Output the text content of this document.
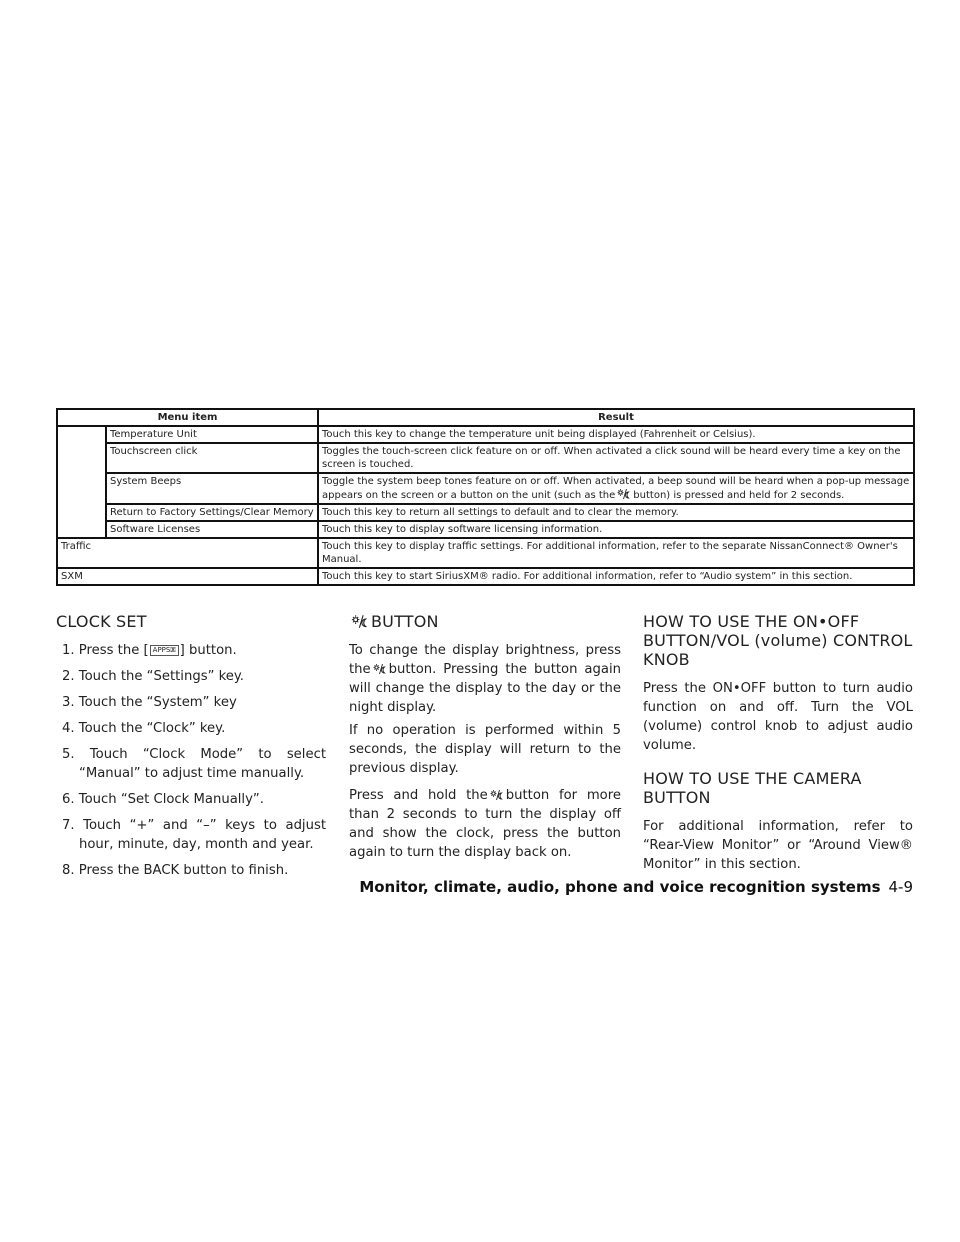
Menu item		Result
	Temperature Unit	Touch this key to change the temperature unit being displayed (Fahrenheit or Celsius).
	Touchscreen click	Toggles the touch-screen click feature on or off. When activated a click sound will be heard every time a key on the screen is touched.
	System Beeps	Toggle the system beep tones feature on or off. When activated, a beep sound will be heard when a pop-up message appears on the screen or a button on the unit (such as the button) is pressed and held for 2 seconds.
	Return to Factory Settings/Clear Memory	Touch this key to return all settings to default and to clear the memory.
	Software Licenses	Touch this key to display software licensing information.
Traffic		Touch this key to display traffic settings. For additional information, refer to the separate NissanConnect® Owner's Manual.
SXM		Touch this key to start SiriusXM® radio. For additional information, refer to “Audio system” in this section.
CLOCK SET
1. Press the [ APPS🗷 ] button.
2. Touch the “Settings” key.
3. Touch the “System” key
4. Touch the “Clock” key.
5. Touch “Clock Mode” to select “Manual” to adjust time manually.
6. Touch “Set Clock Manually”.
7. Touch “+” and “–” keys to adjust hour, minute, day, month and year.
8. Press the BACK button to finish.
BUTTON

To change the display brightness, press the button. Pressing the button again will change the display to the day or the night display.

If no operation is performed within 5 seconds, the display will return to the previous display.

Press and hold the button for more than 2 seconds to turn the display off and show the clock, press the button again to turn the display back on.

HOW TO USE THE ON•OFF BUTTON/VOL (volume) CONTROL KNOB

Press the ON•OFF button to turn audio function on and off. Turn the VOL (volume) control knob to adjust audio volume.

HOW TO USE THE CAMERA BUTTON

For additional information, refer to “Rear-View Monitor” or “Around View® Monitor” in this section.

Monitor, climate, audio, phone and voice recognition systems 4-9
